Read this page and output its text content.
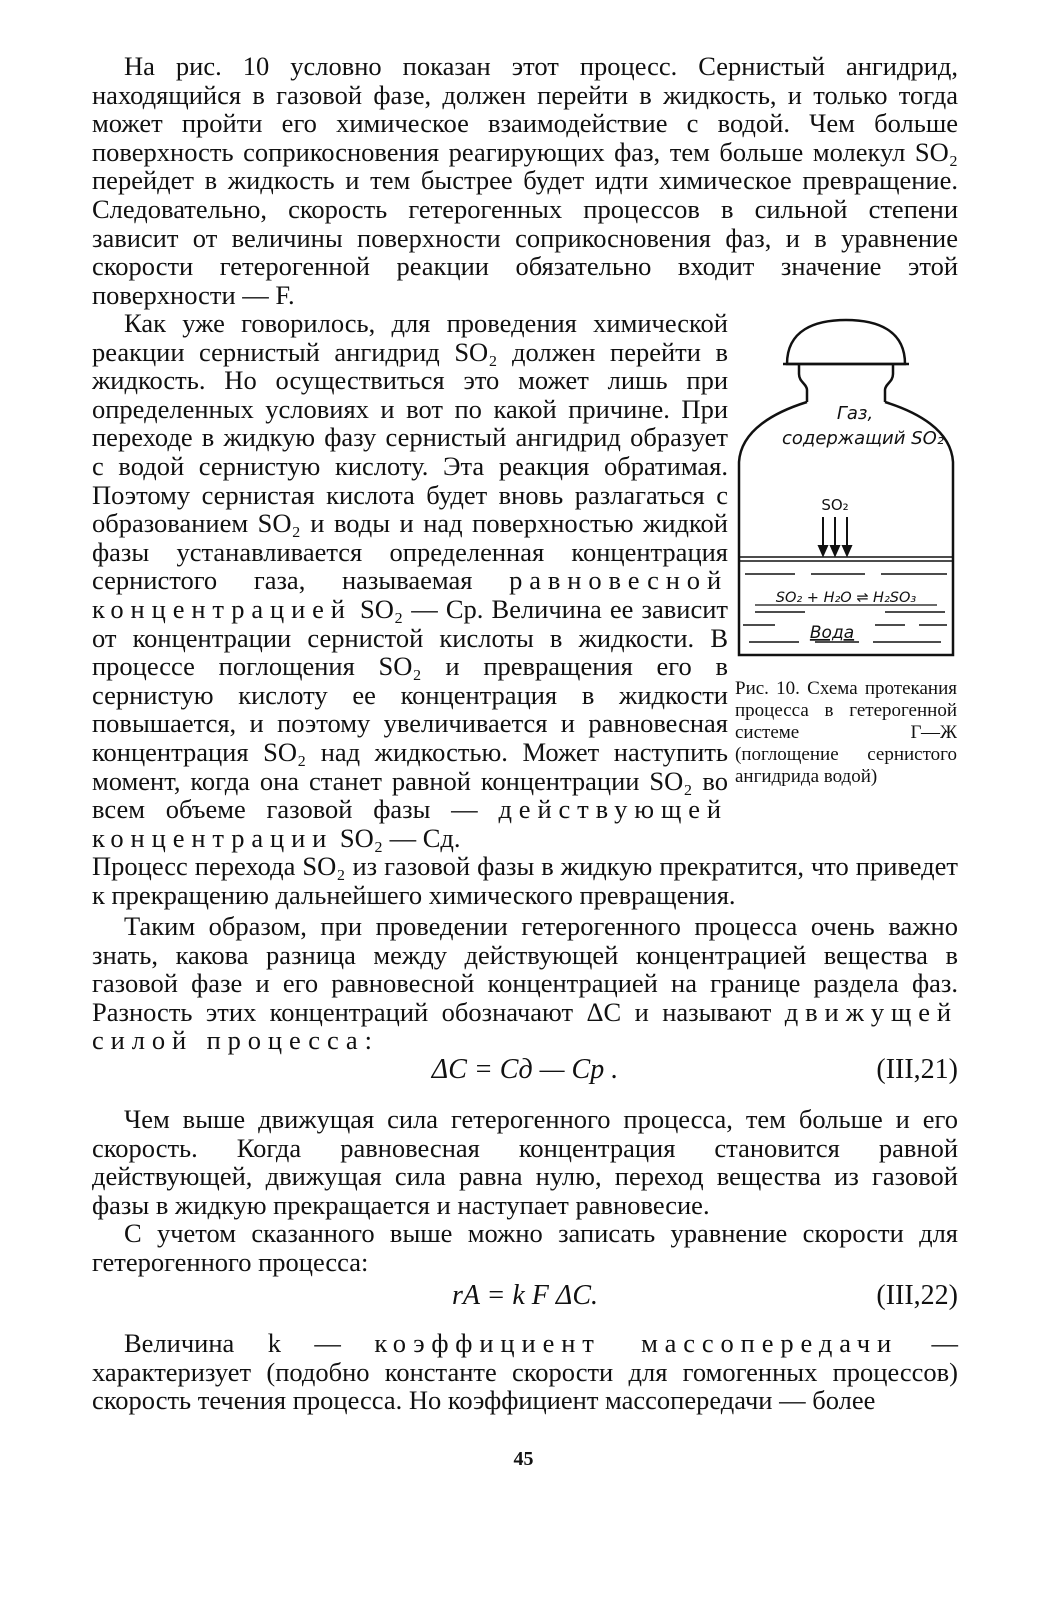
На рис. 10 условно показан этот процесс. Сернистый ангидрид, находящийся в газовой фазе, должен перейти в жидкость, и только тогда может пройти его химическое взаимодействие с водой. Чем больше поверхность соприкосновения реагирующих фаз, тем больше молекул SO₂ перейдет в жидкость и тем быстрее будет идти химическое превращение. Следовательно, скорость гетерогенных процессов в сильной степени зависит от величины поверхности соприкосновения фаз, и в уравнение скорости гетерогенной реакции обязательно входит значение этой поверхности — F.

Как уже говорилось, для проведения химической реакции сернистый ангидрид SO₂ должен перейти в жидкость. Но осуществиться это может лишь при определенных условиях и вот по какой причине. При переходе в жидкую фазу сернистый ангидрид образует с водой сернистую кислоту. Эта реакция обратимая. Поэтому сернистая кислота будет вновь разлагаться с образованием SO₂ и воды и над поверхностью жидкой фазы устанавливается определенная концентрация сернистого газа, называемая равновесной концентрацией SO₂ — Cр. Величина ее зависит от концентрации сернистой кислоты в жидкости. В процессе поглощения SO₂ и превращения его в сернистую кислоту ее концентрация в жидкости повышается, и поэтому увеличивается и равновесная концентрация SO₂ над жидкостью. Может наступить момент, когда она станет равной концентрации SO₂ во всем объеме газовой фазы — действующей концентрации SO₂ — Cд.

Процесс перехода SO₂ из газовой фазы в жидкую прекратится, что приведет к прекращению дальнейшего химического превращения.

Таким образом, при проведении гетерогенного процесса очень важно знать, какова разница между действующей концентрацией вещества в газовой фазе и его равновесной концентрацией на границе раздела фаз. Разность этих концентраций обозначают ΔC и называют движущей силой процесса:

ΔC = Cд — Cр .	(III,21)

Чем выше движущая сила гетерогенного процесса, тем больше и его скорость. Когда равновесная концентрация становится равной действующей, движущая сила равна нулю, переход вещества из газовой фазы в жидкую прекращается и наступает равновесие.

С учетом сказанного выше можно записать уравнение скорости для гетерогенного процесса:

rA = k F ΔC.	(III,22)

Величина k — коэффициент массопередачи — характеризует (подобно константе скорости для гомогенных процессов) скорость течения процесса. Но коэффициент массопередачи — более

Газ,
содержащий SO₂
SO₂
SO₂ + H₂O ⇌ H₂SO₃
Вода
Рис. 10. Схема протекания процесса в гетерогенной системе Г—Ж (поглощение сернистого ангидрида водой)
45
